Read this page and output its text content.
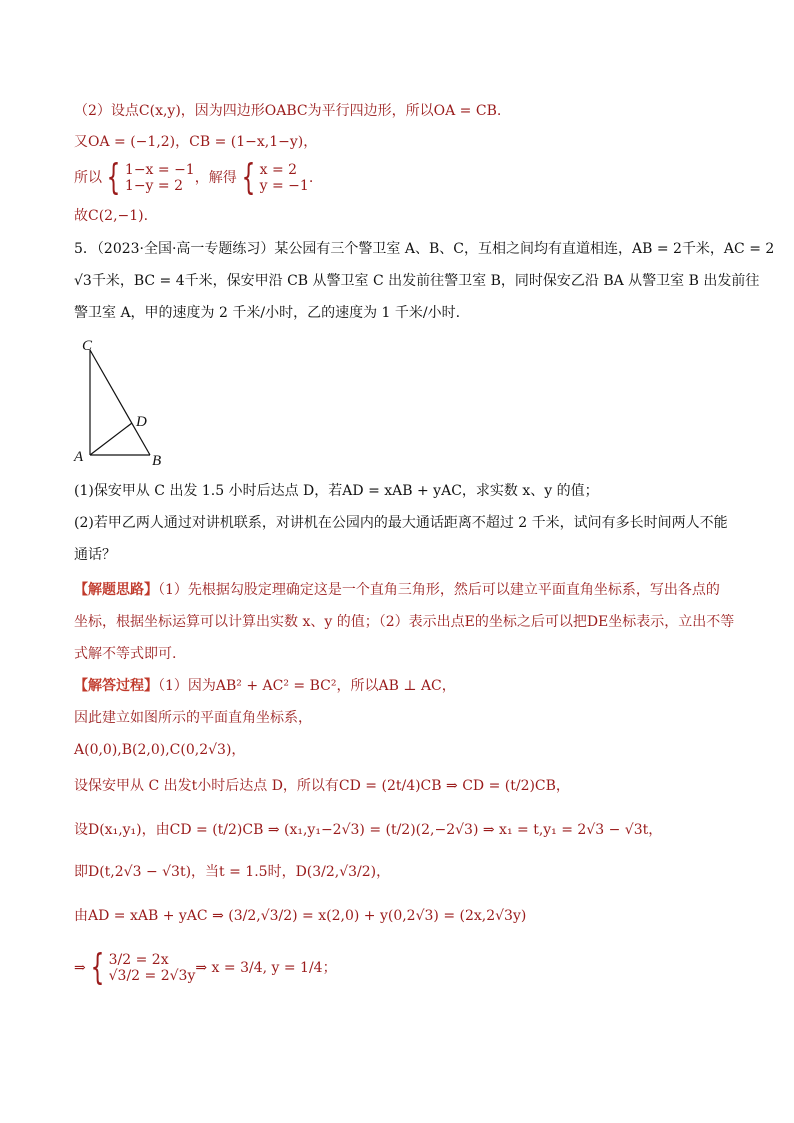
（2）设点C(x,y)，因为四边形OABC为平行四边形，所以OA = CB.
又OA = (−1,2)，CB = (1−x,1−y)，
所以 { 1−x = −1
1−y = 2 ，解得 { x = 2
y = −1 .
故C(2,−1).
5．（2023·全国·高一专题练习）某公园有三个警卫室 A、B、C，互相之间均有直道相连，AB = 2千米，AC = 2
√3千米，BC = 4千米，保安甲沿 CB 从警卫室 C 出发前往警卫室 B，同时保安乙沿 BA 从警卫室 B 出发前往
警卫室 A，甲的速度为 2 千米/小时，乙的速度为 1 千米/小时.
C
D
A	B
(1)保安甲从 C 出发 1.5 小时后达点 D，若AD = xAB + yAC，求实数 x、y 的值；
(2)若甲乙两人通过对讲机联系，对讲机在公园内的最大通话距离不超过 2 千米，试问有多长时间两人不能
通话？
【解题思路】（1）先根据勾股定理确定这是一个直角三角形，然后可以建立平面直角坐标系，写出各点的
坐标，根据坐标运算可以计算出实数 x、y 的值；（2）表示出点E的坐标之后可以把DE坐标表示，立出不等
式解不等式即可.
【解答过程】（1）因为AB² + AC² = BC²，所以AB ⊥ AC，
因此建立如图所示的平面直角坐标系，
A(0,0),B(2,0),C(0,2√3)，
设保安甲从 C 出发t小时后达点 D，所以有CD = (2t/4)CB ⇒ CD = (t/2)CB，
设D(x₁,y₁)，由CD = (t/2)CB ⇒ (x₁,y₁−2√3) = (t/2)(2,−2√3) ⇒ x₁ = t,y₁ = 2√3 − √3t，
即D(t,2√3 − √3t)，当t = 1.5时，D(3/2,√3/2)，
由AD = xAB + yAC ⇒ (3/2,√3/2) = x(2,0) + y(0,2√3) = (2x,2√3y)
⇒ { 3/2 = 2x
√3/2 = 2√3y ⇒ x = 3/4, y = 1/4；
